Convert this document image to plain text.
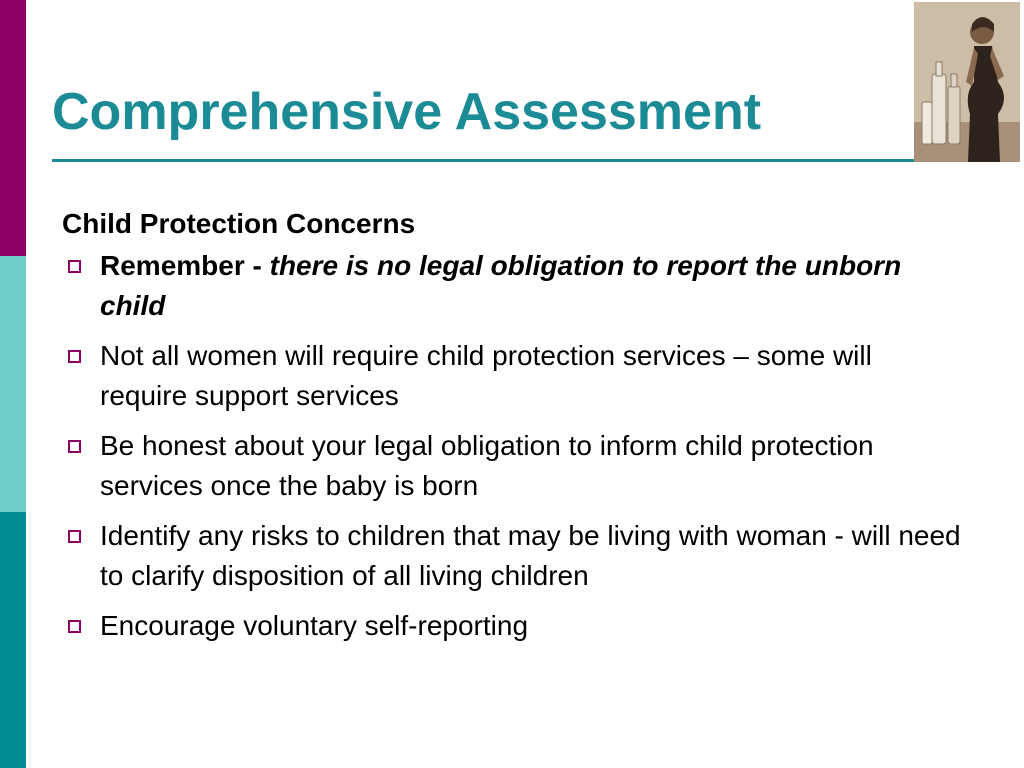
Comprehensive Assessment

Child Protection Concerns

Remember - there is no legal obligation to report the unborn child
Not all women will require child protection services – some will require support services
Be honest about your legal obligation to inform child protection services once the baby is born
Identify any risks to children that may be living with woman - will need to clarify disposition of all living children
Encourage voluntary self-reporting
